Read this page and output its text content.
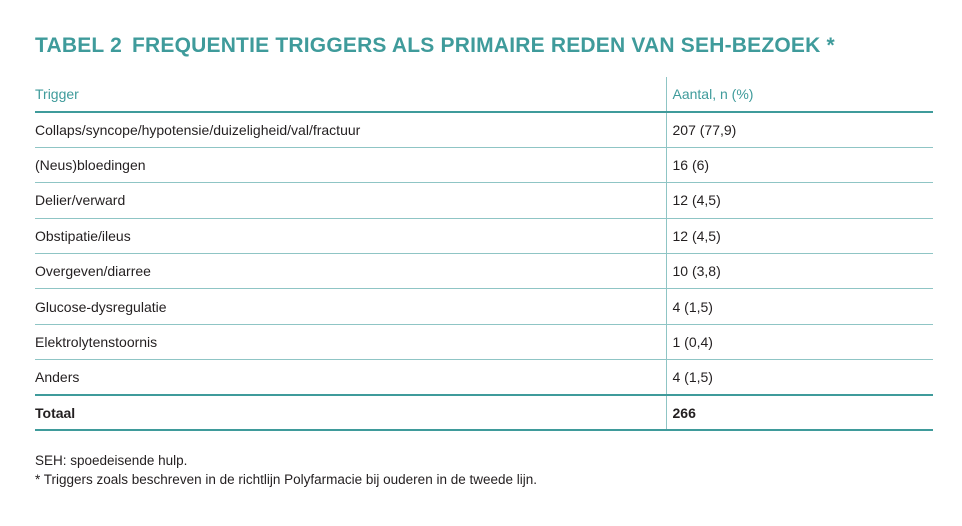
TABEL 2 FREQUENTIE TRIGGERS ALS PRIMAIRE REDEN VAN SEH-BEZOEK *
Trigger	Aantal, n (%)
Collaps/syncope/hypotensie/duizeligheid/val/fractuur	207 (77,9)
(Neus)bloedingen	16 (6)
Delier/verward	12 (4,5)
Obstipatie/ileus	12 (4,5)
Overgeven/diarree	10 (3,8)
Glucose-dysregulatie	4 (1,5)
Elektrolytenstoornis	1 (0,4)
Anders	4 (1,5)
Totaal	266
SEH: spoedeisende hulp.
* Triggers zoals beschreven in de richtlijn Polyfarmacie bij ouderen in de tweede lijn.
